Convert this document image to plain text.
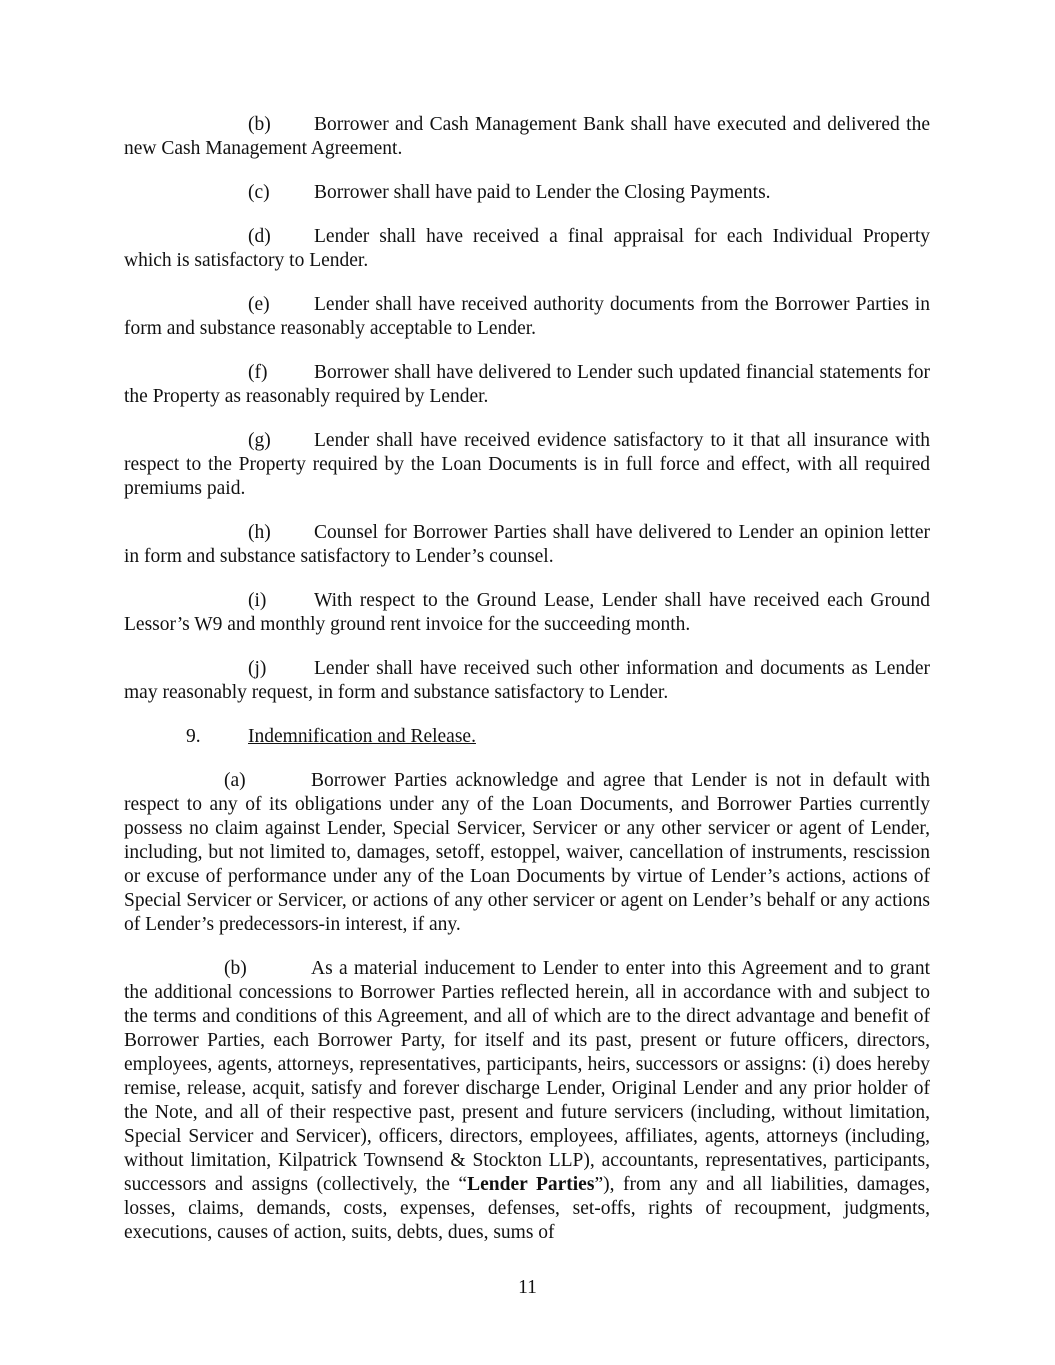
(b) Borrower and Cash Management Bank shall have executed and delivered the new Cash Management Agreement.

(c) Borrower shall have paid to Lender the Closing Payments.

(d) Lender shall have received a final appraisal for each Individual Property which is satisfactory to Lender.

(e) Lender shall have received authority documents from the Borrower Parties in form and substance reasonably acceptable to Lender.

(f) Borrower shall have delivered to Lender such updated financial statements for the Property as reasonably required by Lender.

(g) Lender shall have received evidence satisfactory to it that all insurance with respect to the Property required by the Loan Documents is in full force and effect, with all required premiums paid.

(h) Counsel for Borrower Parties shall have delivered to Lender an opinion letter in form and substance satisfactory to Lender’s counsel.

(i) With respect to the Ground Lease, Lender shall have received each Ground Lessor’s W9 and monthly ground rent invoice for the succeeding month.

(j) Lender shall have received such other information and documents as Lender may reasonably request, in form and substance satisfactory to Lender.

9. Indemnification and Release.

(a)	Borrower Parties acknowledge and agree that Lender is not in default with respect to any of its obligations under any of the Loan Documents, and Borrower Parties currently possess no claim against Lender, Special Servicer, Servicer or any other servicer or agent of Lender, including, but not limited to, damages, setoff, estoppel, waiver, cancellation of instruments, rescission or excuse of performance under any of the Loan Documents by virtue of Lender’s actions, actions of Special Servicer or Servicer, or actions of any other servicer or agent on Lender’s behalf or any actions of Lender’s predecessors-in interest, if any.

(b)	As a material inducement to Lender to enter into this Agreement and to grant the additional concessions to Borrower Parties reflected herein, all in accordance with and subject to the terms and conditions of this Agreement, and all of which are to the direct advantage and benefit of Borrower Parties, each Borrower Party, for itself and its past, present or future officers, directors, employees, agents, attorneys, representatives, participants, heirs, successors or assigns: (i) does hereby remise, release, acquit, satisfy and forever discharge Lender, Original Lender and any prior holder of the Note, and all of their respective past, present and future servicers (including, without limitation, Special Servicer and Servicer), officers, directors, employees, affiliates, agents, attorneys (including, without limitation, Kilpatrick Townsend & Stockton LLP), accountants, representatives, participants, successors and assigns (collectively, the “Lender Parties”), from any and all liabilities, damages, losses, claims, demands, costs, expenses, defenses, set-offs, rights of recoupment, judgments, executions, causes of action, suits, debts, dues, sums of

11
